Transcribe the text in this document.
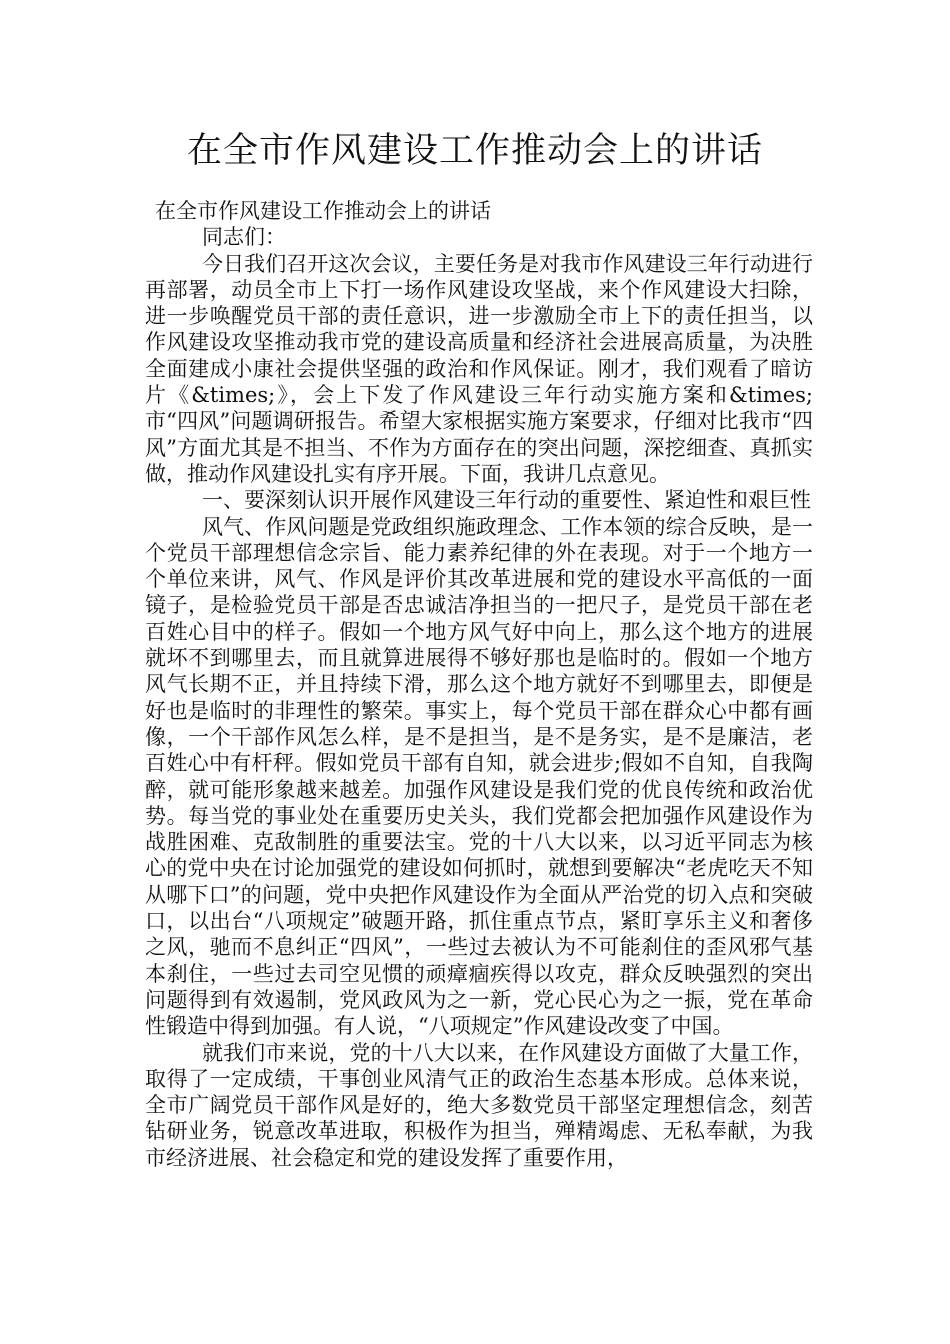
在全市作风建设工作推动会上的讲话

在全市作风建设工作推动会上的讲话

同志们：

今日我们召开这次会议，主要任务是对我市作风建设三年行动进行再部署，动员全市上下打一场作风建设攻坚战，来个作风建设大扫除，进一步唤醒党员干部的责任意识，进一步激励全市上下的责任担当，以作风建设攻坚推动我市党的建设高质量和经济社会进展高质量，为决胜全面建成小康社会提供坚强的政治和作风保证。刚才，我们观看了暗访片《&times;》，会上下发了作风建设三年行动实施方案和&times;市“四风”问题调研报告。希望大家根据实施方案要求，仔细对比我市“四风”方面尤其是不担当、不作为方面存在的突出问题，深挖细查、真抓实做，推动作风建设扎实有序开展。下面，我讲几点意见。

一、要深刻认识开展作风建设三年行动的重要性、紧迫性和艰巨性

风气、作风问题是党政组织施政理念、工作本领的综合反映，是一个党员干部理想信念宗旨、能力素养纪律的外在表现。对于一个地方一个单位来讲，风气、作风是评价其改革进展和党的建设水平高低的一面镜子，是检验党员干部是否忠诚洁净担当的一把尺子，是党员干部在老百姓心目中的样子。假如一个地方风气好中向上，那么这个地方的进展就坏不到哪里去，而且就算进展得不够好那也是临时的。假如一个地方风气长期不正，并且持续下滑，那么这个地方就好不到哪里去，即便是好也是临时的非理性的繁荣。事实上，每个党员干部在群众心中都有画像，一个干部作风怎么样，是不是担当，是不是务实，是不是廉洁，老百姓心中有杆秤。假如党员干部有自知，就会进步;假如不自知，自我陶醉，就可能形象越来越差。加强作风建设是我们党的优良传统和政治优势。每当党的事业处在重要历史关头，我们党都会把加强作风建设作为战胜困难、克敌制胜的重要法宝。党的十八大以来，以习近平同志为核心的党中央在讨论加强党的建设如何抓时，就想到要解决“老虎吃天不知从哪下口”的问题，党中央把作风建设作为全面从严治党的切入点和突破口，以出台“八项规定”破题开路，抓住重点节点，紧盯享乐主义和奢侈之风，驰而不息纠正“四风”，一些过去被认为不可能刹住的歪风邪气基本刹住，一些过去司空见惯的顽瘴痼疾得以攻克，群众反映强烈的突出问题得到有效遏制，党风政风为之一新，党心民心为之一振，党在革命性锻造中得到加强。有人说，“八项规定”作风建设改变了中国。

就我们市来说，党的十八大以来，在作风建设方面做了大量工作，取得了一定成绩，干事创业风清气正的政治生态基本形成。总体来说，全市广阔党员干部作风是好的，绝大多数党员干部坚定理想信念，刻苦钻研业务，锐意改革进取，积极作为担当，殚精竭虑、无私奉献，为我市经济进展、社会稳定和党的建设发挥了重要作用，
